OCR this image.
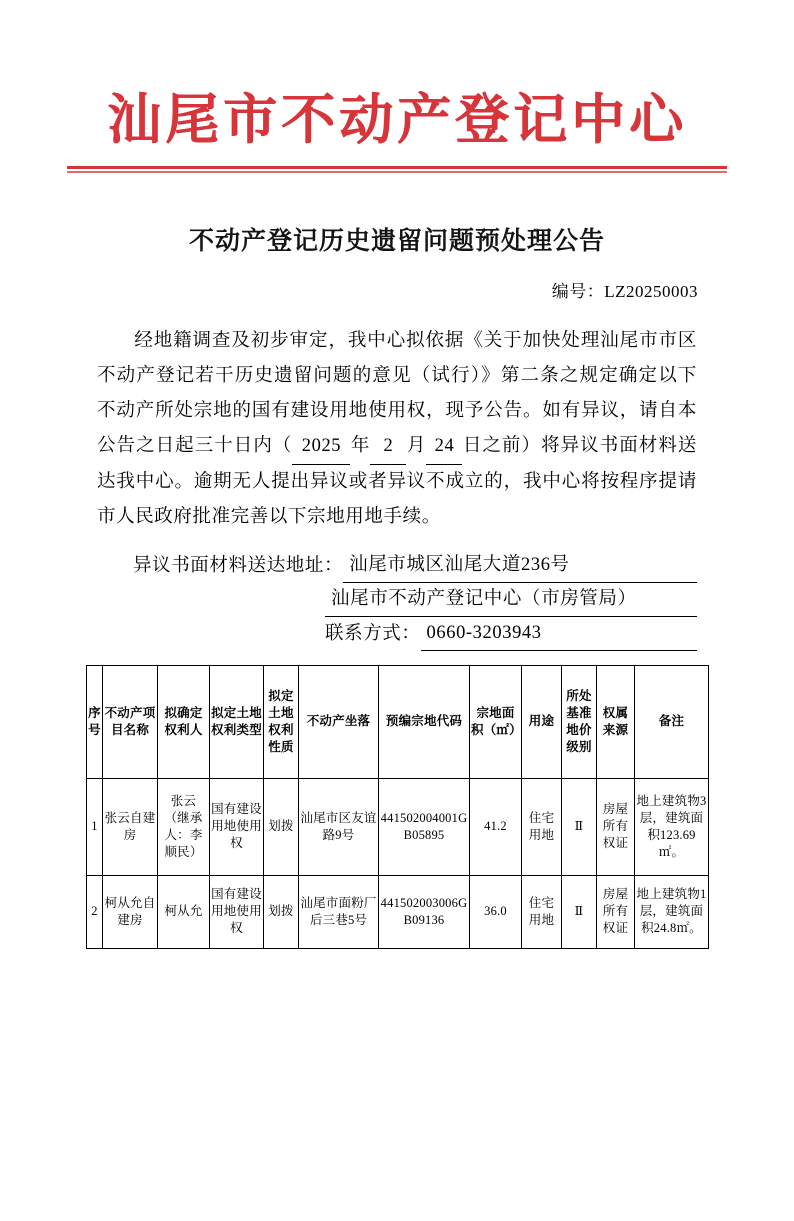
汕尾市不动产登记中心
不动产登记历史遗留问题预处理公告
编号：LZ20250003
经地籍调查及初步审定，我中心拟依据《关于加快处理汕尾市市区不动产登记若干历史遗留问题的意见（试行）》第二条之规定确定以下不动产所处宗地的国有建设用地使用权，现予公告。如有异议，请自本公告之日起三十日内（ 2025 年 2 月 24 日之前）将异议书面材料送达我中心。逾期无人提出异议或者异议不成立的，我中心将按程序提请市人民政府批准完善以下宗地用地手续。
异议书面材料送达地址： 汕尾市城区汕尾大道236号
汕尾市不动产登记中心（市房管局）
联系方式： 0660-3203943
序号	不动产项目名称	拟确定权利人	拟定土地权利类型	拟定土地权利性质	不动产坐落	预编宗地代码	宗地面积（㎡）	用途	所处基准地价级别	权属来源	备注
1	张云自建房	张云（继承人：李顺民）	国有建设用地使用权	划拨	汕尾市区友谊路9号	441502004001GB05895	41.2	住宅用地	Ⅱ	房屋所有权证	地上建筑物3层，建筑面积123.69㎡。
2	柯从允自建房	柯从允	国有建设用地使用权	划拨	汕尾市面粉厂后三巷5号	441502003006GB09136	36.0	住宅用地	Ⅱ	房屋所有权证	地上建筑物1层，建筑面积24.8㎡。
